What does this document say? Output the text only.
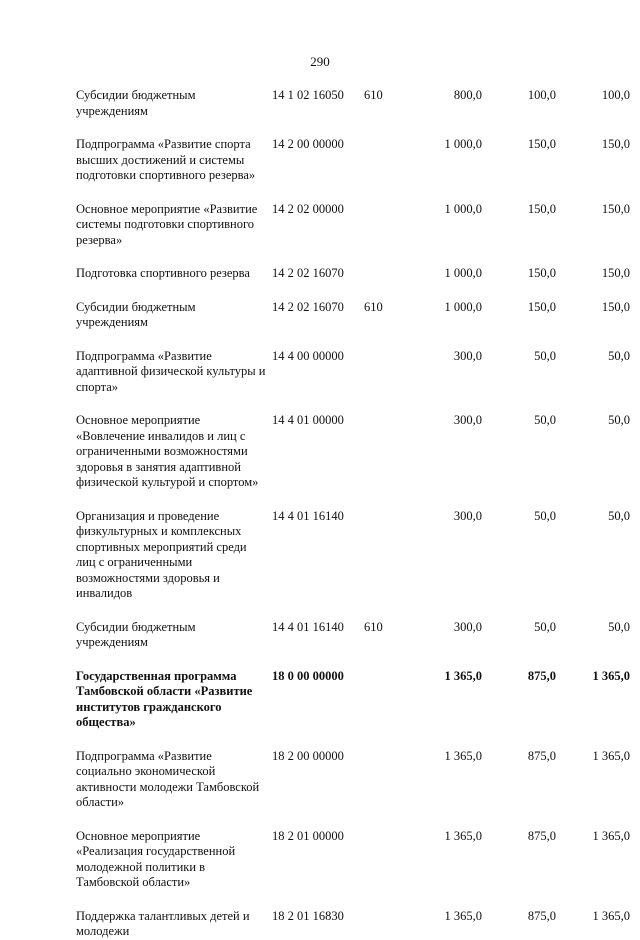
290
Субсидии бюджетным учреждениям	14 1 02 16050	610	800,0	100,0	100,0

Подпрограмма «Развитие спорта высших достижений и системы подготовки спортивного резерва»	14 2 00 00000		1 000,0	150,0	150,0

Основное мероприятие «Развитие системы подготовки спортивного резерва»	14 2 02 00000		1 000,0	150,0	150,0

Подготовка спортивного резерва	14 2 02 16070		1 000,0	150,0	150,0

Субсидии бюджетным учреждениям	14 2 02 16070	610	1 000,0	150,0	150,0

Подпрограмма «Развитие адаптивной физической культуры и спорта»	14 4 00 00000		300,0	50,0	50,0

Основное мероприятие «Вовлечение инвалидов и лиц с ограниченными возможностями здоровья в занятия адаптивной физической культурой и спортом»	14 4 01 00000		300,0	50,0	50,0

Организация и проведение физкультурных и комплексных спортивных мероприятий среди лиц с ограниченными возможностями здоровья и инвалидов	14 4 01 16140		300,0	50,0	50,0

Субсидии бюджетным учреждениям	14 4 01 16140	610	300,0	50,0	50,0

Государственная программа Тамбовской области «Развитие институтов гражданского общества»	18 0 00 00000		1 365,0	875,0	1 365,0

Подпрограмма «Развитие социально экономической активности молодежи Тамбовской области»	18 2 00 00000		1 365,0	875,0	1 365,0

Основное мероприятие «Реализация государственной молодежной политики в Тамбовской области»	18 2 01 00000		1 365,0	875,0	1 365,0

Поддержка талантливых детей и молодежи	18 2 01 16830		1 365,0	875,0	1 365,0
